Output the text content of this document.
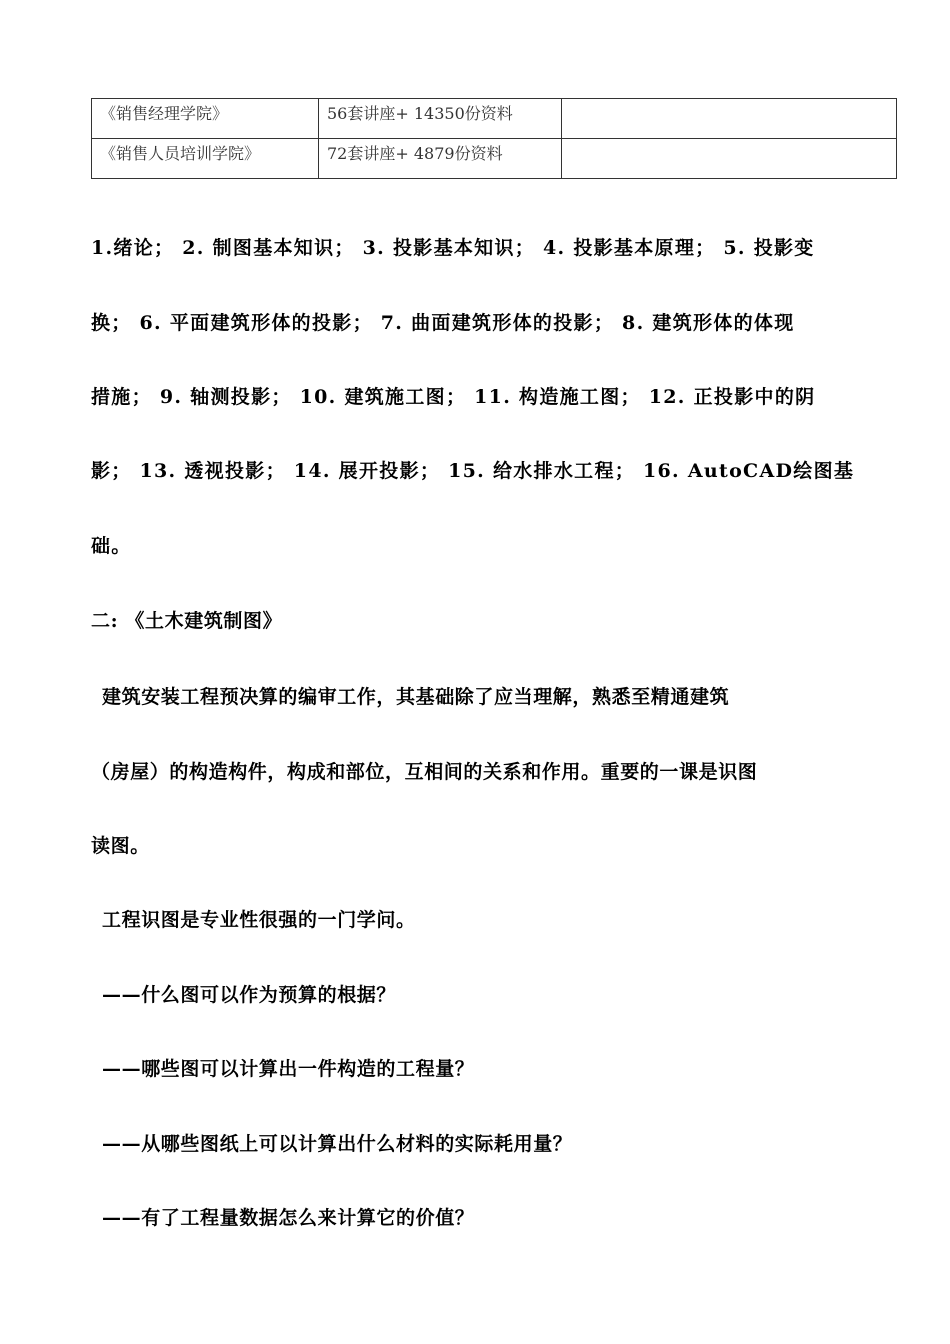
《销售经理学院》	56套讲座+ 14350份资料	
《销售人员培训学院》	72套讲座+ 4879份资料	
1.绪论； 2. 制图基本知识； 3. 投影基本知识； 4. 投影基本原理； 5. 投影变
换； 6. 平面建筑形体的投影； 7. 曲面建筑形体的投影； 8. 建筑形体的体现
措施； 9. 轴测投影； 10. 建筑施工图； 11. 构造施工图； 12. 正投影中的阴
影； 13. 透视投影； 14. 展开投影； 15. 给水排水工程； 16. AutoCAD绘图基
础。
二: 《土木建筑制图》
建筑安装工程预决算的编审工作，其基础除了应当理解，熟悉至精通建筑
（房屋）的构造构件，构成和部位，互相间的关系和作用。重要的一课是识图
读图。
工程识图是专业性很强的一门学问。
——什么图可以作为预算的根据？
——哪些图可以计算出一件构造的工程量？
——从哪些图纸上可以计算出什么材料的实际耗用量？
——有了工程量数据怎么来计算它的价值？
